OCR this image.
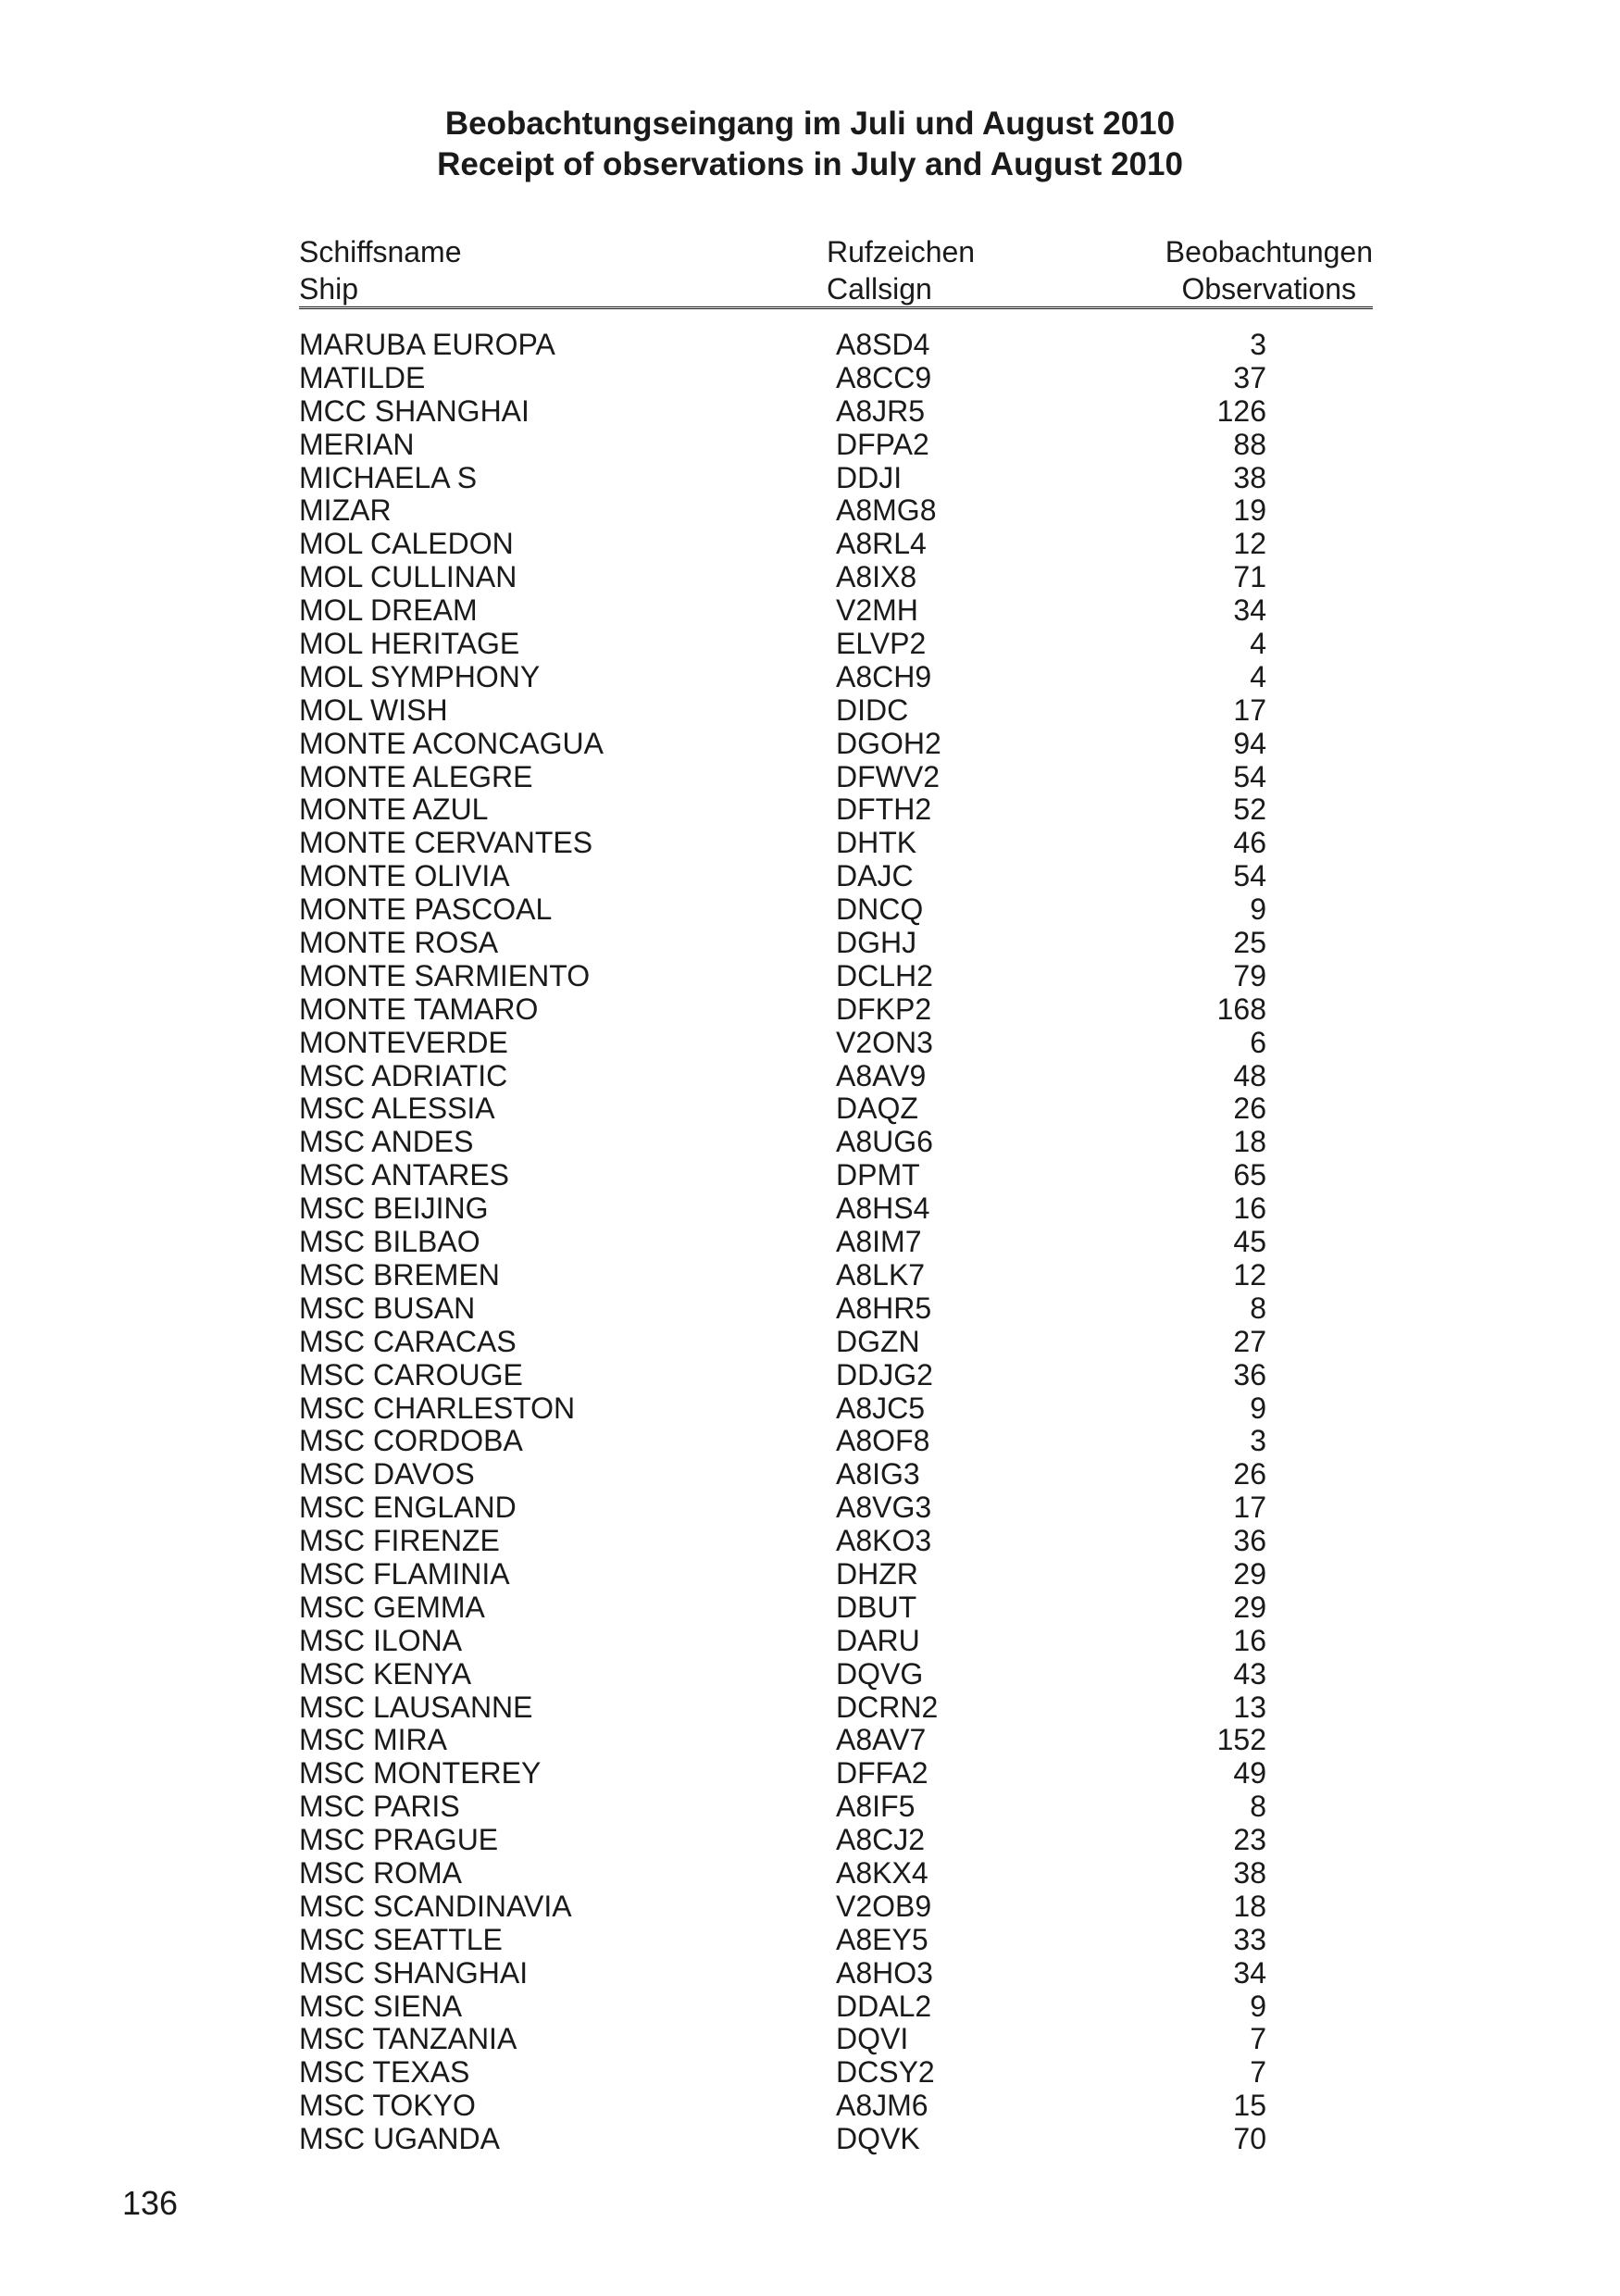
Beobachtungseingang im Juli und August 2010
Receipt of observations in July and August 2010
Schiffsname	Rufzeichen	Beobachtungen
Ship	Callsign	Observations
MARUBA EUROPA	A8SD4	3
MATILDE	A8CC9	37
MCC SHANGHAI	A8JR5	126
MERIAN	DFPA2	88
MICHAELA S	DDJI	38
MIZAR	A8MG8	19
MOL CALEDON	A8RL4	12
MOL CULLINAN	A8IX8	71
MOL DREAM	V2MH	34
MOL HERITAGE	ELVP2	4
MOL SYMPHONY	A8CH9	4
MOL WISH	DIDC	17
MONTE ACONCAGUA	DGOH2	94
MONTE ALEGRE	DFWV2	54
MONTE AZUL	DFTH2	52
MONTE CERVANTES	DHTK	46
MONTE OLIVIA	DAJC	54
MONTE PASCOAL	DNCQ	9
MONTE ROSA	DGHJ	25
MONTE SARMIENTO	DCLH2	79
MONTE TAMARO	DFKP2	168
MONTEVERDE	V2ON3	6
MSC ADRIATIC	A8AV9	48
MSC ALESSIA	DAQZ	26
MSC ANDES	A8UG6	18
MSC ANTARES	DPMT	65
MSC BEIJING	A8HS4	16
MSC BILBAO	A8IM7	45
MSC BREMEN	A8LK7	12
MSC BUSAN	A8HR5	8
MSC CARACAS	DGZN	27
MSC CAROUGE	DDJG2	36
MSC CHARLESTON	A8JC5	9
MSC CORDOBA	A8OF8	3
MSC DAVOS	A8IG3	26
MSC ENGLAND	A8VG3	17
MSC FIRENZE	A8KO3	36
MSC FLAMINIA	DHZR	29
MSC GEMMA	DBUT	29
MSC ILONA	DARU	16
MSC KENYA	DQVG	43
MSC LAUSANNE	DCRN2	13
MSC MIRA	A8AV7	152
MSC MONTEREY	DFFA2	49
MSC PARIS	A8IF5	8
MSC PRAGUE	A8CJ2	23
MSC ROMA	A8KX4	38
MSC SCANDINAVIA	V2OB9	18
MSC SEATTLE	A8EY5	33
MSC SHANGHAI	A8HO3	34
MSC SIENA	DDAL2	9
MSC TANZANIA	DQVI	7
MSC TEXAS	DCSY2	7
MSC TOKYO	A8JM6	15
MSC UGANDA	DQVK	70
136
